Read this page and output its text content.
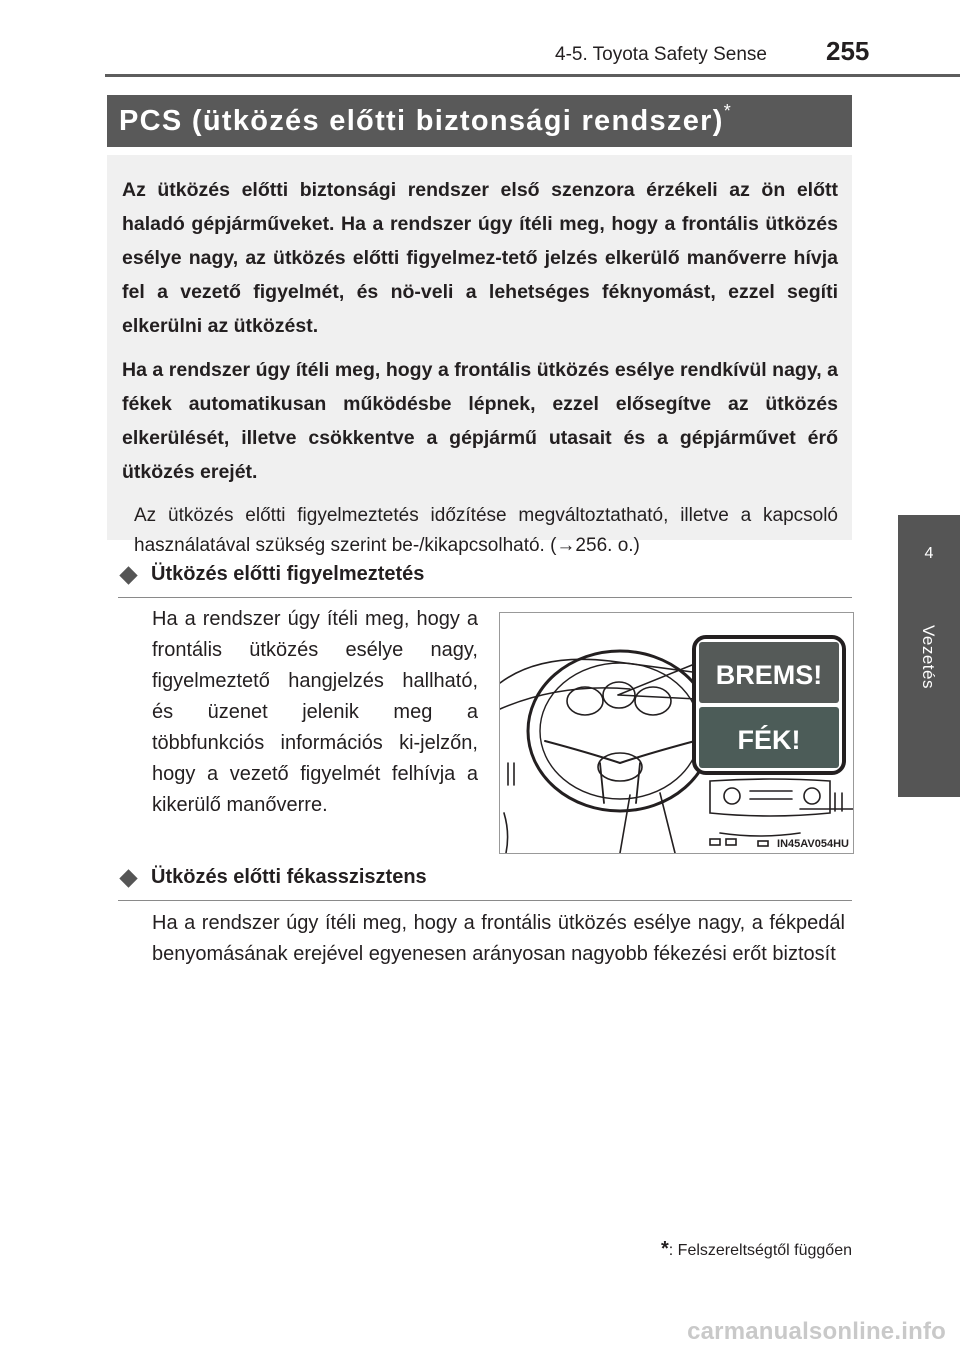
4-5. Toyota Safety Sense 255
4
Vezetés
PCS (ütközés előtti biztonsági rendszer)*

Az ütközés előtti biztonsági rendszer első szenzora érzékeli az ön előtt haladó gépjárműveket. Ha a rendszer úgy ítéli meg, hogy a frontális ütközés esélye nagy, az ütközés előtti figyelmez-tető jelzés elkerülő manőverre hívja fel a vezető figyelmét, és nö-veli a lehetséges féknyomást, ezzel segíti elkerülni az ütközést.

Ha a rendszer úgy ítéli meg, hogy a frontális ütközés esélye rendkívül nagy, a fékek automatikusan működésbe lépnek, ezzel elősegítve az ütközés elkerülését, illetve csökkentve a gépjármű utasait és a gépjárművet érő ütközés erejét.

Az ütközés előtti figyelmeztetés időzítése megváltoztatható, illetve a kapcsoló használatával szükség szerint be-/kikapcsolható. (→256. o.)

Ütközés előtti figyelmeztetés

Ha a rendszer úgy ítéli meg, hogy a frontális ütközés esélye nagy, figyelmeztető hangjelzés hallható, és üzenet jelenik meg a többfunkciós információs ki-jelzőn, hogy a vezető figyelmét felhívja a kikerülő manőverre.

BREMS!
FÉK!
IN45AV054HU
Ütközés előtti fékasszisztens

Ha a rendszer úgy ítéli meg, hogy a frontális ütközés esélye nagy, a fékpedál benyomásának erejével egyenesen arányosan nagyobb fékezési erőt biztosít

*: Felszereltségtől függően
carmanualsonline.info
